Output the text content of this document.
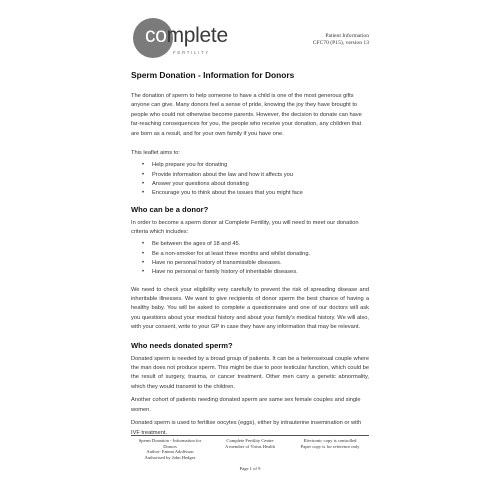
complete
FERTILITY
Patient Information
CFC70 (P15), version 13
Sperm Donation - Information for Donors

The donation of sperm to help someone to have a child is one of the most generous gifts anyone can give. Many donors feel a sense of pride, knowing the joy they have brought to people who could not otherwise become parents. However, the decision to donate can have far-reaching consequences for you, the people who receive your donation, any children that are born as a result, and for your own family if you have one.

This leaflet aims to:

• Help prepare you for donating
• Provide information about the law and how it affects you
• Answer your questions about donating
• Encourage you to think about the issues that you might face
Who can be a donor?

In order to become a sperm donor at Complete Fertility, you will need to meet our donation criteria which includes:

• Be between the ages of 18 and 45.
• Be a non-smoker for at least three months and whilst donating.
• Have no personal history of transmissible diseases.
• Have no personal or family history of inheritable diseases.

We need to check your eligibility very carefully to prevent the risk of spreading disease and inheritable illnesses. We want to give recipients of donor sperm the best chance of having a healthy baby. You will be asked to complete a questionnaire and one of our doctors will ask you questions about your medical history and about your family's medical history. We will also, with your consent, write to your GP in case they have any information that may be relevant.

Who needs donated sperm?

Donated sperm is needed by a broad group of patients. It can be a heterosexual couple where the man does not produce sperm. This might be due to poor testicular function, which could be the result of surgery, trauma, or cancer treatment. Other men carry a genetic abnormality, which they would transmit to the children.

Another cohort of patients needing donated sperm are same sex female couples and single women.

Donated sperm is used to fertilise oocytes (eggs), either by intrauterine insemination or with IVF treatment.

Sperm Donation - Information for
Donors
Author: Emma Adolfsson
Authorised by John Hedges
Complete Fertility Centre
A member of Virtus Health
Electronic copy is controlled
Paper copy is for reference only
Page 1 of 9
